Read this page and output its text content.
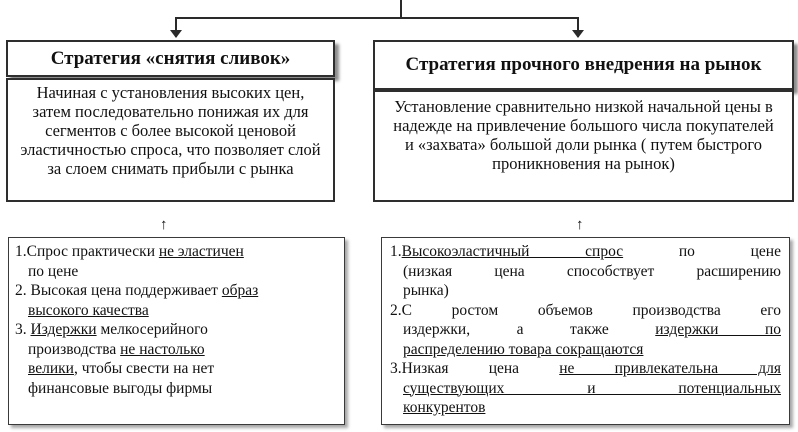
Стратегия «снятия сливок»
Начиная с установления высоких цен, затем последовательно понижая их для сегментов с более высокой ценовой эластичностью спроса, что позволяет слой за слоем снимать прибыли с рынка
↑
1.Спрос практически не эластичен
по цене
2. Высокая цена поддерживает образ
высокого качества
3. Издержки мелкосерийного
производства не настолько
велики, чтобы свести на нет
финансовые выгоды фирмы
Стратегия прочного внедрения на рынок
Установление сравнительно низкой начальной цены в надежде на привлечение большого числа покупателей и «захвата» большой доли рынка ( путем быстрого проникновения на рынок)
↑
1.Высокоэластичный спрос по цене
(низкая цена способствует расширению
рынка)
2.С ростом объемов производства его
издержки, а также издержки по
распределению товара сокращаются
3.Низкая цена не привлекательна для
существующих и потенциальных
конкурентов
